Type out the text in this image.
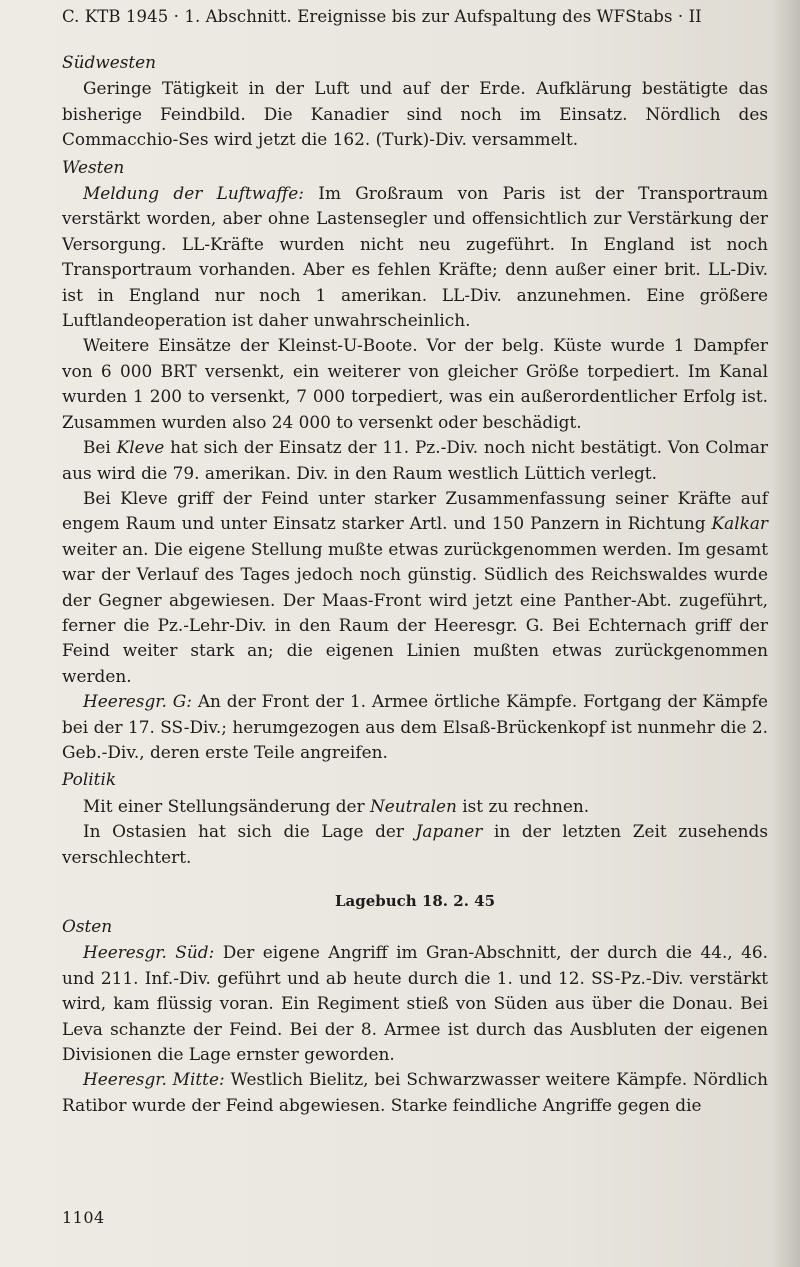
C. KTB 1945 · 1. Abschnitt. Ereignisse bis zur Aufspaltung des WFStabs · II
Südwesten

Geringe Tätigkeit in der Luft und auf der Erde. Aufklärung bestätigte das bisherige Feindbild. Die Kanadier sind noch im Einsatz. Nördlich des Commacchio-Ses wird jetzt die 162. (Turk)-Div. versammelt.

Westen

Meldung der Luftwaffe: Im Großraum von Paris ist der Transportraum verstärkt worden, aber ohne Lastensegler und offensichtlich zur Verstärkung der Versorgung. LL-Kräfte wurden nicht neu zugeführt. In England ist noch Transportraum vorhanden. Aber es fehlen Kräfte; denn außer einer brit. LL-Div. ist in England nur noch 1 amerikan. LL-Div. anzunehmen. Eine größere Luftlandeoperation ist daher unwahrscheinlich.

Weitere Einsätze der Kleinst-U-Boote. Vor der belg. Küste wurde 1 Dampfer von 6 000 BRT versenkt, ein weiterer von gleicher Größe torpediert. Im Kanal wurden 1 200 to versenkt, 7 000 torpediert, was ein außerordentlicher Erfolg ist. Zusammen wurden also 24 000 to versenkt oder beschädigt.

Bei Kleve hat sich der Einsatz der 11. Pz.-Div. noch nicht bestätigt. Von Colmar aus wird die 79. amerikan. Div. in den Raum westlich Lüttich verlegt.

Bei Kleve griff der Feind unter starker Zusammenfassung seiner Kräfte auf engem Raum und unter Einsatz starker Artl. und 150 Panzern in Richtung Kalkar weiter an. Die eigene Stellung mußte etwas zurückgenommen werden. Im gesamt war der Verlauf des Tages jedoch noch günstig. Südlich des Reichswaldes wurde der Gegner abgewiesen. Der Maas-Front wird jetzt eine Panther-Abt. zugeführt, ferner die Pz.-Lehr-Div. in den Raum der Heeresgr. G. Bei Echternach griff der Feind weiter stark an; die eigenen Linien mußten etwas zurückgenommen werden.

Heeresgr. G: An der Front der 1. Armee örtliche Kämpfe. Fortgang der Kämpfe bei der 17. SS-Div.; herumgezogen aus dem Elsaß-Brückenkopf ist nunmehr die 2. Geb.-Div., deren erste Teile angreifen.

Politik

Mit einer Stellungsänderung der Neutralen ist zu rechnen.

In Ostasien hat sich die Lage der Japaner in der letzten Zeit zusehends verschlechtert.

Lagebuch 18. 2. 45
Osten

Heeresgr. Süd: Der eigene Angriff im Gran-Abschnitt, der durch die 44., 46. und 211. Inf.-Div. geführt und ab heute durch die 1. und 12. SS-Pz.-Div. verstärkt wird, kam flüssig voran. Ein Regiment stieß von Süden aus über die Donau. Bei Leva schanzte der Feind. Bei der 8. Armee ist durch das Ausbluten der eigenen Divisionen die Lage ernster geworden.

Heeresgr. Mitte: Westlich Bielitz, bei Schwarzwasser weitere Kämpfe. Nördlich Ratibor wurde der Feind abgewiesen. Starke feindliche Angriffe gegen die

1104
